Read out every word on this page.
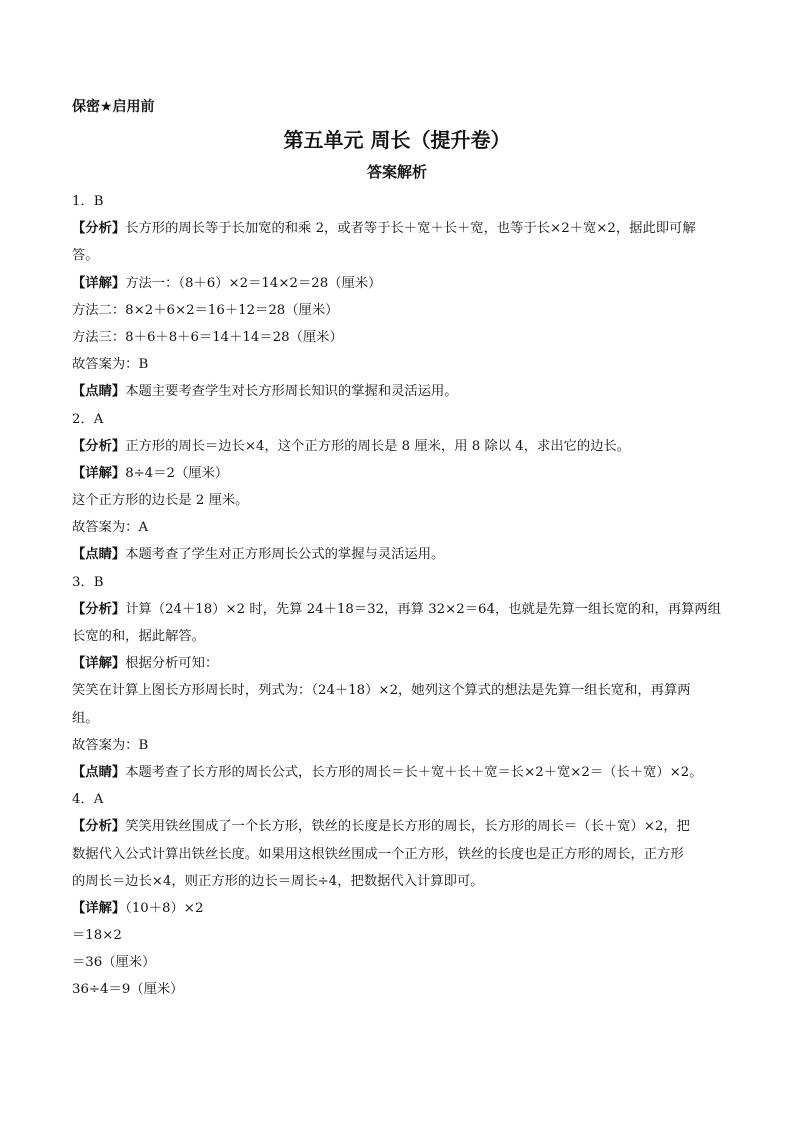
保密★启用前
第五单元 周长（提升卷）
答案解析
1．B
【分析】长方形的周长等于长加宽的和乘 2，或者等于长＋宽＋长＋宽，也等于长×2＋宽×2，据此即可解
答。
【详解】方法一：（8＋6）×2＝14×2＝28（厘米）
方法二：8×2＋6×2＝16＋12＝28（厘米）
方法三：8＋6＋8＋6＝14＋14＝28（厘米）
故答案为：B
【点睛】本题主要考查学生对长方形周长知识的掌握和灵活运用。
2．A
【分析】正方形的周长＝边长×4，这个正方形的周长是 8 厘米，用 8 除以 4，求出它的边长。
【详解】8÷4＝2（厘米）
这个正方形的边长是 2 厘米。
故答案为：A
【点睛】本题考查了学生对正方形周长公式的掌握与灵活运用。
3．B
【分析】计算（24＋18）×2 时，先算 24＋18＝32，再算 32×2＝64，也就是先算一组长宽的和，再算两组
长宽的和，据此解答。
【详解】根据分析可知：
笑笑在计算上图长方形周长时，列式为：（24＋18）×2，她列这个算式的想法是先算一组长宽和，再算两
组。
故答案为：B
【点睛】本题考查了长方形的周长公式，长方形的周长＝长＋宽＋长＋宽＝长×2＋宽×2＝（长＋宽）×2。
4．A
【分析】笑笑用铁丝围成了一个长方形，铁丝的长度是长方形的周长，长方形的周长＝（长＋宽）×2，把
数据代入公式计算出铁丝长度。如果用这根铁丝围成一个正方形，铁丝的长度也是正方形的周长，正方形
的周长＝边长×4，则正方形的边长＝周长÷4，把数据代入计算即可。
【详解】（10＋8）×2
＝18×2
＝36（厘米）
36÷4＝9（厘米）
